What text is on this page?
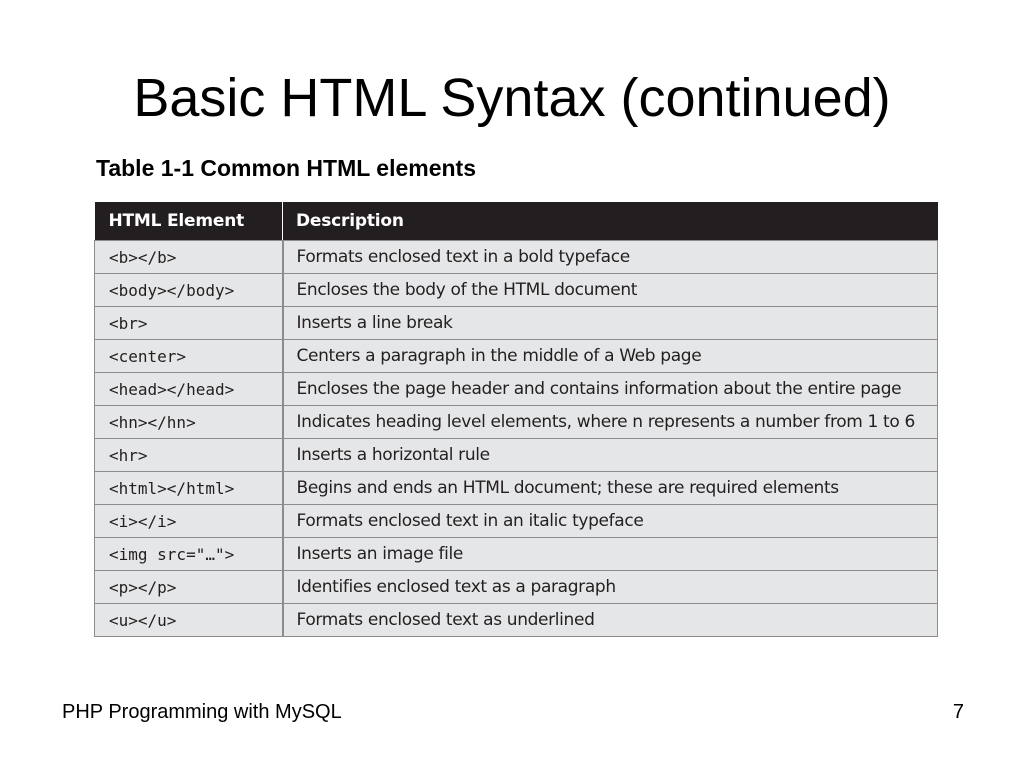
Basic HTML Syntax (continued)
Table 1-1 Common HTML elements
HTML Element	Description
<b></b>	Formats enclosed text in a bold typeface
<body></body>	Encloses the body of the HTML document
<br>	Inserts a line break
<center>	Centers a paragraph in the middle of a Web page
<head></head>	Encloses the page header and contains information about the entire page
<hn></hn>	Indicates heading level elements, where n represents a number from 1 to 6
<hr>	Inserts a horizontal rule
<html></html>	Begins and ends an HTML document; these are required elements
<i></i>	Formats enclosed text in an italic typeface
<img src="…">	Inserts an image file
<p></p>	Identifies enclosed text as a paragraph
<u></u>	Formats enclosed text as underlined
PHP Programming with MySQL	7
